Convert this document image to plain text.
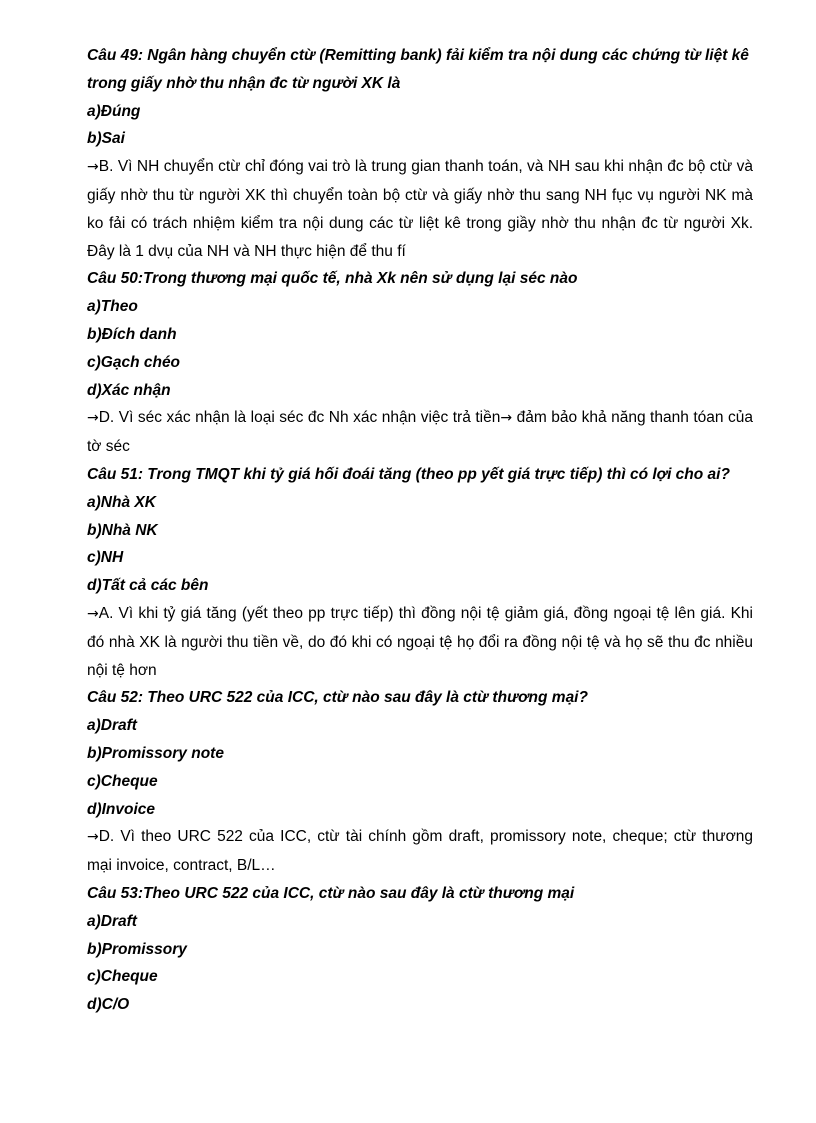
Câu 49: Ngân hàng chuyển ctừ (Remitting bank) fải kiểm tra nội dung các chứng từ liệt kê trong giấy nhờ thu nhận đc từ người XK là

a)Đúng

b)Sai

→B. Vì NH chuyển ctừ chỉ đóng vai trò là trung gian thanh toán, và NH sau khi nhận đc bộ ctừ và giấy nhờ thu từ người XK thì chuyển toàn bộ ctừ và giấy nhờ thu sang NH fục vụ người NK mà ko fải có trách nhiệm kiểm tra nội dung các từ liệt kê trong giầy nhờ thu nhận đc từ người Xk. Đây là 1 dvụ của NH và NH thực hiện để thu fí

Câu 50:Trong thương mại quốc tế, nhà Xk nên sử dụng lại séc nào

a)Theo

b)Đích danh

c)Gạch chéo

d)Xác nhận

→D. Vì séc xác nhận là loại séc đc Nh xác nhận việc trả tiền→ đảm bảo khả năng thanh tóan của tờ séc

Câu 51: Trong TMQT khi tỷ giá hối đoái tăng (theo pp yết giá trực tiếp) thì có lợi cho ai?

a)Nhà XK

b)Nhà NK

c)NH

d)Tất cả các bên

→A. Vì khi tỷ giá tăng (yết theo pp trực tiếp) thì đồng nội tệ giảm giá, đồng ngoại tệ lên giá. Khi đó nhà XK là người thu tiền về, do đó khi có ngoại tệ họ đổi ra đồng nội tệ và họ sẽ thu đc nhiều nội tệ hơn

Câu 52: Theo URC 522 của ICC, ctừ nào sau đây là ctừ thương mại?

a)Draft

b)Promissory note

c)Cheque

d)Invoice

→D. Vì theo URC 522 của ICC, ctừ tài chính gồm draft, promissory note, cheque; ctừ thương mại invoice, contract, B/L…

Câu 53:Theo URC 522 của ICC, ctừ nào sau đây là ctừ thương mại

a)Draft

b)Promissory

c)Cheque

d)C/O
